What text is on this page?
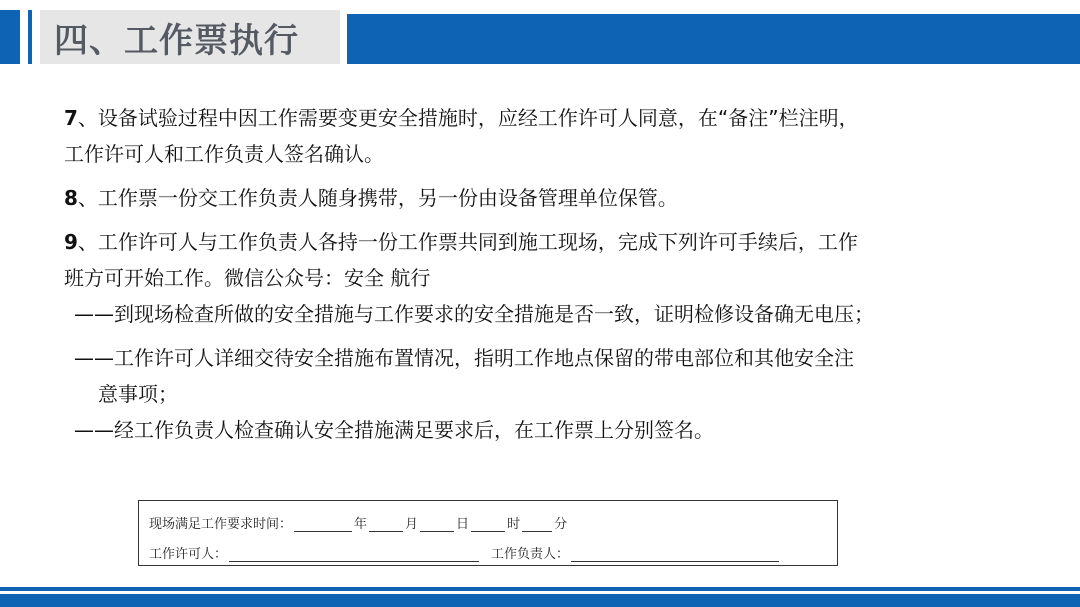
四、工作票执行
7、设备试验过程中因工作需要变更安全措施时，应经工作许可人同意，在“备注”栏注明，
工作许可人和工作负责人签名确认。
8、工作票一份交工作负责人随身携带，另一份由设备管理单位保管。
9、工作许可人与工作负责人各持一份工作票共同到施工现场，完成下列许可手续后，工作
班方可开始工作。微信公众号：安全 航行
——到现场检查所做的安全措施与工作要求的安全措施是否一致，证明检修设备确无电压；
——工作许可人详细交待安全措施布置情况，指明工作地点保留的带电部位和其他安全注
意事项；
——经工作负责人检查确认安全措施满足要求后，在工作票上分别签名。
现场满足工作要求时间：	年	月	日	时	分
工作许可人：	工作负责人：
